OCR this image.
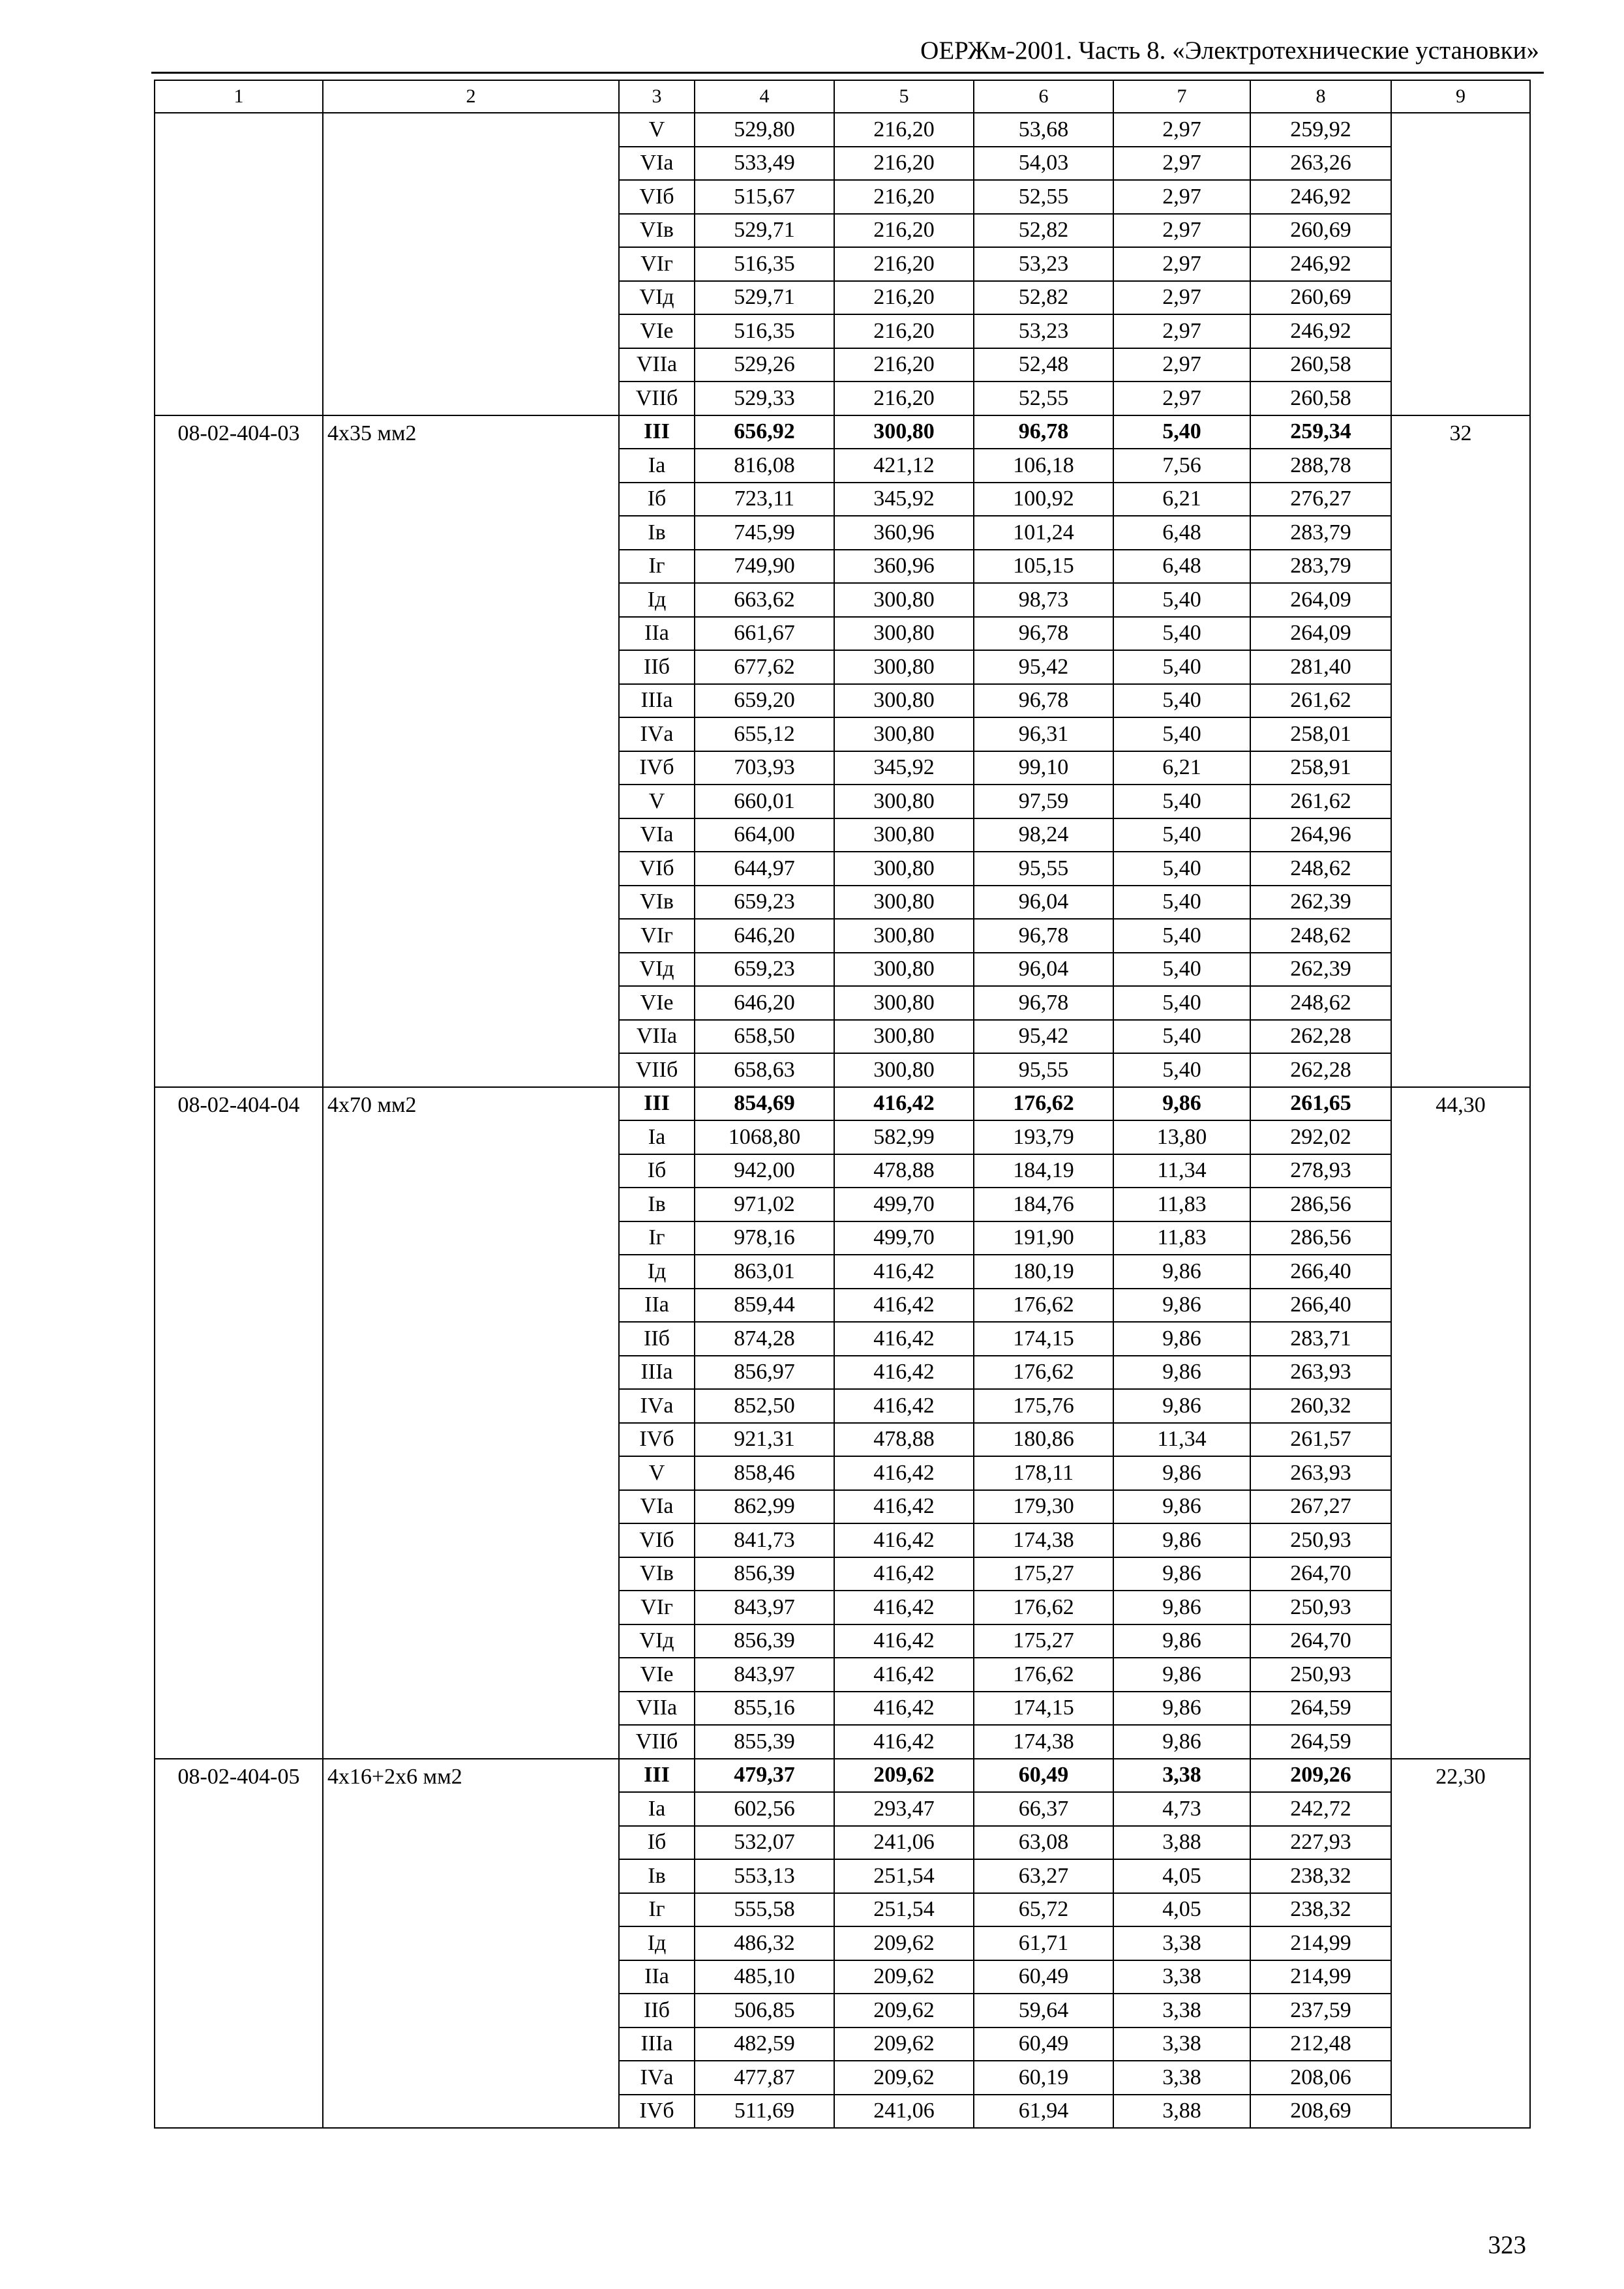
ОЕРЖм-2001. Часть 8. «Электротехнические установки»
1	2	3	4	5	6	7	8	9
		V	529,80	216,20	53,68	2,97	259,92	
		VIа	533,49	216,20	54,03	2,97	263,26	
		VIб	515,67	216,20	52,55	2,97	246,92	
		VIв	529,71	216,20	52,82	2,97	260,69	
		VIг	516,35	216,20	53,23	2,97	246,92	
		VIд	529,71	216,20	52,82	2,97	260,69	
		VIе	516,35	216,20	53,23	2,97	246,92	
		VIIа	529,26	216,20	52,48	2,97	260,58	
		VIIб	529,33	216,20	52,55	2,97	260,58	
08-02-404-03	4x35 мм2	III	656,92	300,80	96,78	5,40	259,34	32
		Iа	816,08	421,12	106,18	7,56	288,78	
		Iб	723,11	345,92	100,92	6,21	276,27	
		Iв	745,99	360,96	101,24	6,48	283,79	
		Iг	749,90	360,96	105,15	6,48	283,79	
		Iд	663,62	300,80	98,73	5,40	264,09	
		IIа	661,67	300,80	96,78	5,40	264,09	
		IIб	677,62	300,80	95,42	5,40	281,40	
		IIIа	659,20	300,80	96,78	5,40	261,62	
		IVа	655,12	300,80	96,31	5,40	258,01	
		IVб	703,93	345,92	99,10	6,21	258,91	
		V	660,01	300,80	97,59	5,40	261,62	
		VIа	664,00	300,80	98,24	5,40	264,96	
		VIб	644,97	300,80	95,55	5,40	248,62	
		VIв	659,23	300,80	96,04	5,40	262,39	
		VIг	646,20	300,80	96,78	5,40	248,62	
		VIд	659,23	300,80	96,04	5,40	262,39	
		VIе	646,20	300,80	96,78	5,40	248,62	
		VIIа	658,50	300,80	95,42	5,40	262,28	
		VIIб	658,63	300,80	95,55	5,40	262,28	
08-02-404-04	4x70 мм2	III	854,69	416,42	176,62	9,86	261,65	44,30
		Iа	1068,80	582,99	193,79	13,80	292,02	
		Iб	942,00	478,88	184,19	11,34	278,93	
		Iв	971,02	499,70	184,76	11,83	286,56	
		Iг	978,16	499,70	191,90	11,83	286,56	
		Iд	863,01	416,42	180,19	9,86	266,40	
		IIа	859,44	416,42	176,62	9,86	266,40	
		IIб	874,28	416,42	174,15	9,86	283,71	
		IIIа	856,97	416,42	176,62	9,86	263,93	
		IVа	852,50	416,42	175,76	9,86	260,32	
		IVб	921,31	478,88	180,86	11,34	261,57	
		V	858,46	416,42	178,11	9,86	263,93	
		VIа	862,99	416,42	179,30	9,86	267,27	
		VIб	841,73	416,42	174,38	9,86	250,93	
		VIв	856,39	416,42	175,27	9,86	264,70	
		VIг	843,97	416,42	176,62	9,86	250,93	
		VIд	856,39	416,42	175,27	9,86	264,70	
		VIе	843,97	416,42	176,62	9,86	250,93	
		VIIа	855,16	416,42	174,15	9,86	264,59	
		VIIб	855,39	416,42	174,38	9,86	264,59	
08-02-404-05	4x16+2x6 мм2	III	479,37	209,62	60,49	3,38	209,26	22,30
		Iа	602,56	293,47	66,37	4,73	242,72	
		Iб	532,07	241,06	63,08	3,88	227,93	
		Iв	553,13	251,54	63,27	4,05	238,32	
		Iг	555,58	251,54	65,72	4,05	238,32	
		Iд	486,32	209,62	61,71	3,38	214,99	
		IIа	485,10	209,62	60,49	3,38	214,99	
		IIб	506,85	209,62	59,64	3,38	237,59	
		IIIа	482,59	209,62	60,49	3,38	212,48	
		IVа	477,87	209,62	60,19	3,38	208,06	
		IVб	511,69	241,06	61,94	3,88	208,69	
323
